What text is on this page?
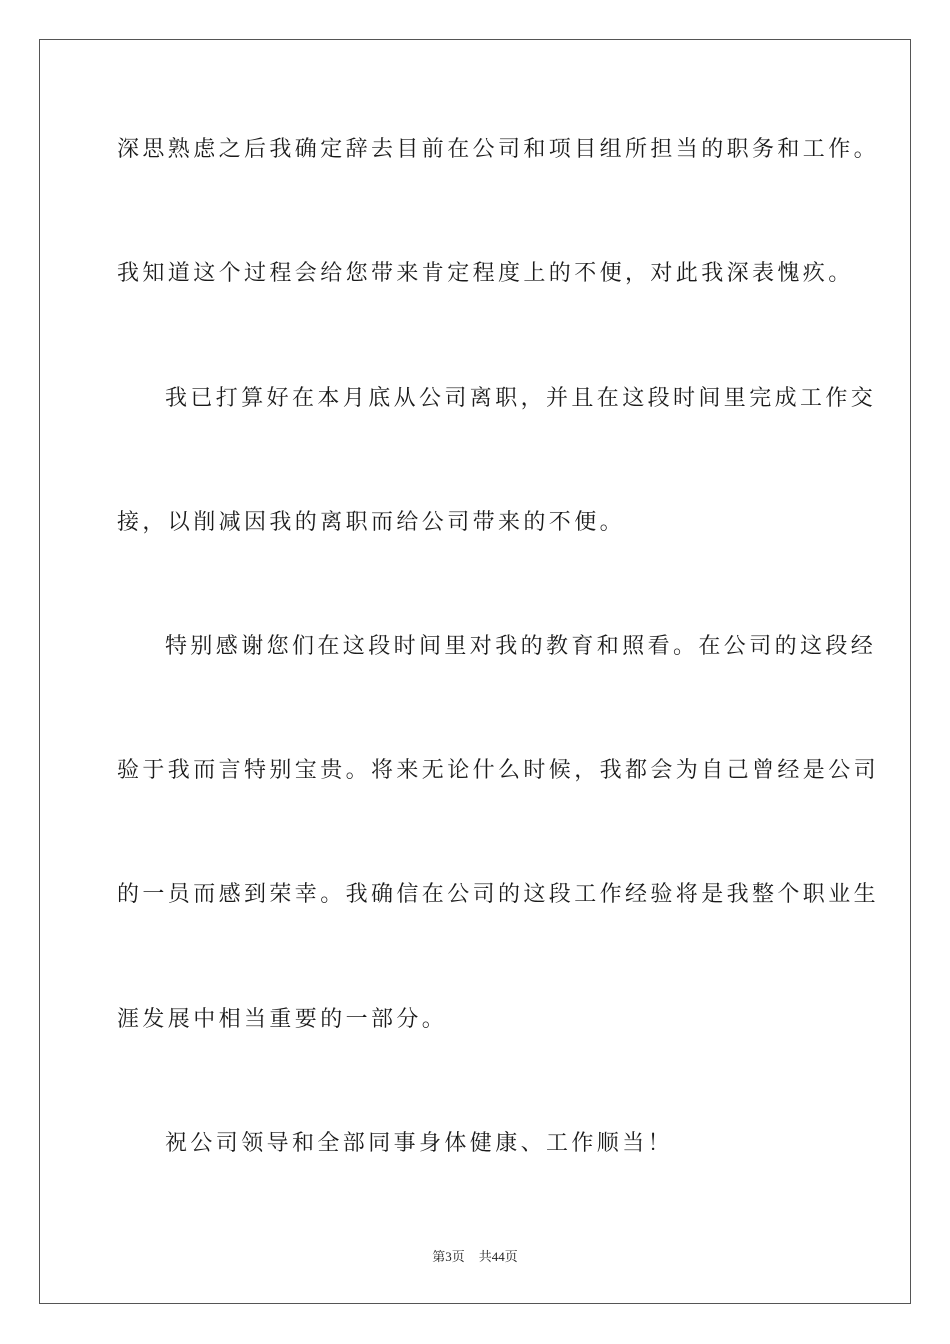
深思熟虑之后我确定辞去目前在公司和项目组所担当的职务和工作。
我知道这个过程会给您带来肯定程度上的不便，对此我深表愧疚。
我已打算好在本月底从公司离职，并且在这段时间里完成工作交
接，以削减因我的离职而给公司带来的不便。
特别感谢您们在这段时间里对我的教育和照看。在公司的这段经
验于我而言特别宝贵。将来无论什么时候，我都会为自己曾经是公司
的一员而感到荣幸。我确信在公司的这段工作经验将是我整个职业生
涯发展中相当重要的一部分。
祝公司领导和全部同事身体健康、工作顺当！
第3页 共44页
